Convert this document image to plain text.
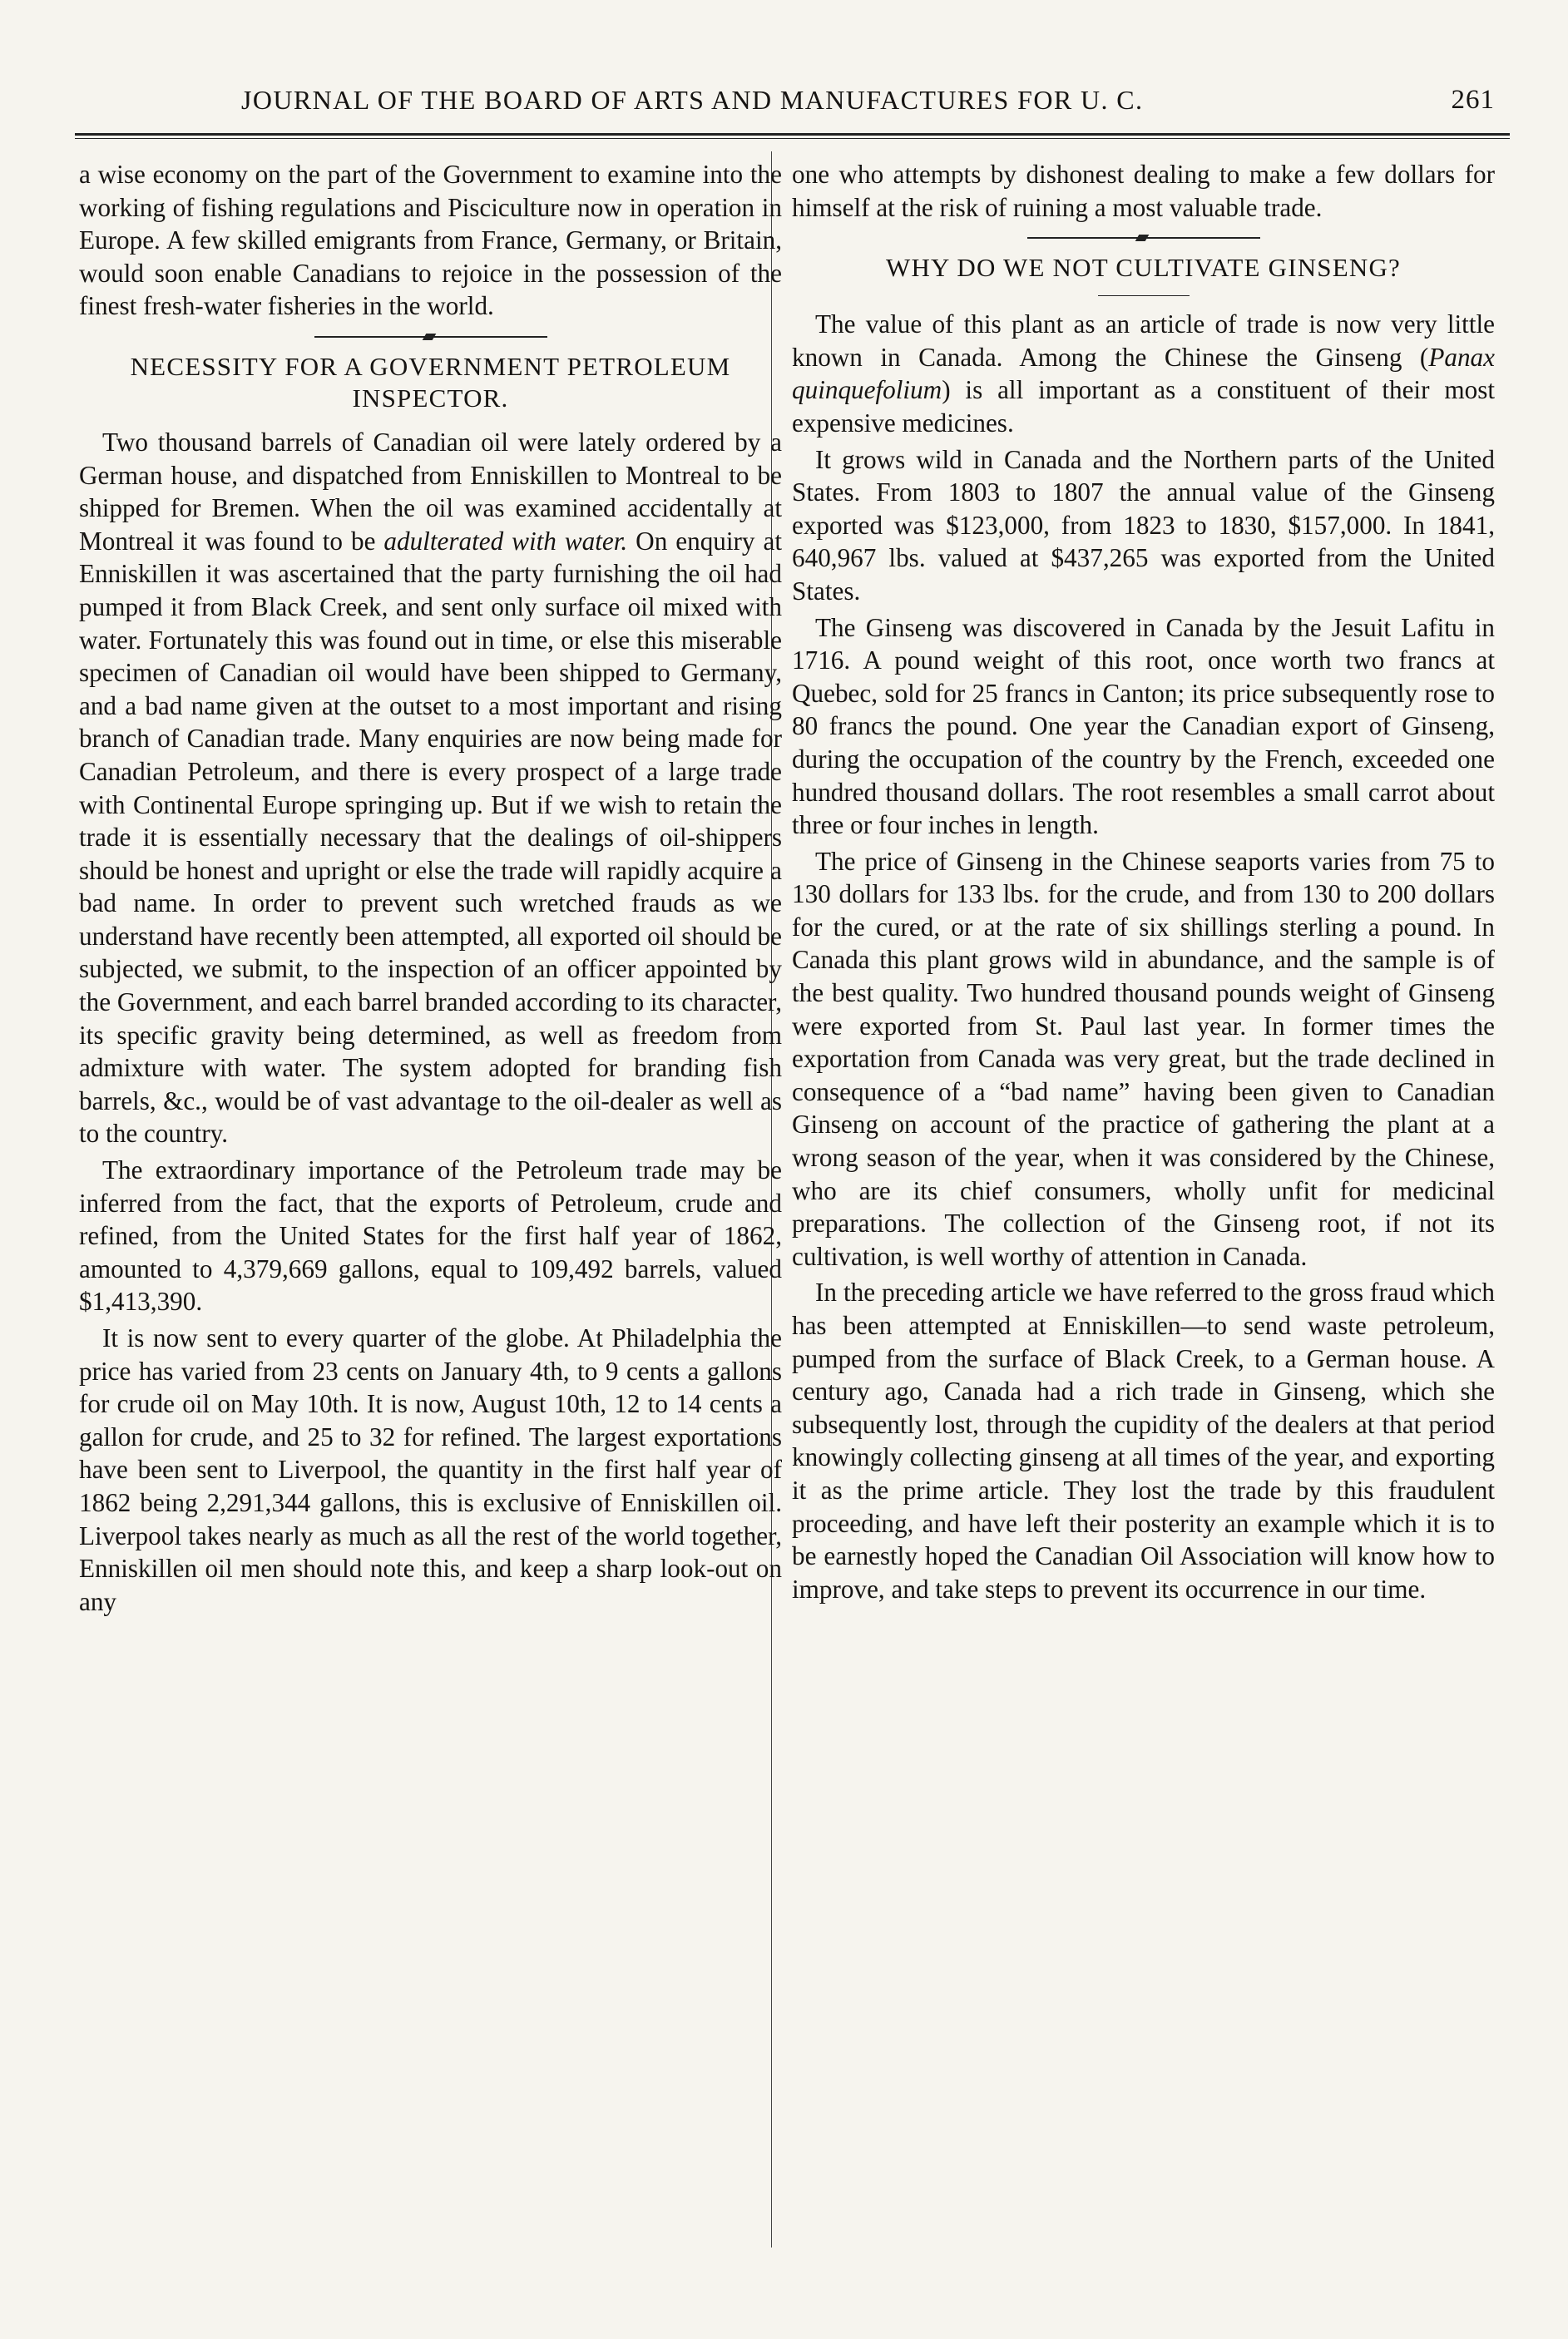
JOURNAL OF THE BOARD OF ARTS AND MANUFACTURES FOR U. C.	261

a wise economy on the part of the Government to examine into the working of fishing regulations and Pisciculture now in operation in Europe. A few skilled emigrants from France, Germany, or Britain, would soon enable Canadians to rejoice in the possession of the finest fresh-water fisheries in the world.

NECESSITY FOR A GOVERNMENT PETROLEUM INSPECTOR.

Two thousand barrels of Canadian oil were lately ordered by a German house, and dispatched from Enniskillen to Montreal to be shipped for Bremen. When the oil was examined accidentally at Montreal it was found to be adulterated with water. On enquiry at Enniskillen it was ascertained that the party furnishing the oil had pumped it from Black Creek, and sent only surface oil mixed with water. Fortunately this was found out in time, or else this miserable specimen of Canadian oil would have been shipped to Germany, and a bad name given at the outset to a most important and rising branch of Canadian trade. Many enquiries are now being made for Canadian Petroleum, and there is every prospect of a large trade with Continental Europe springing up. But if we wish to retain the trade it is essentially necessary that the dealings of oil-shippers should be honest and upright or else the trade will rapidly acquire a bad name. In order to prevent such wretched frauds as we understand have recently been attempted, all exported oil should be subjected, we submit, to the inspection of an officer appointed by the Government, and each barrel branded according to its character, its specific gravity being determined, as well as freedom from admixture with water. The system adopted for branding fish barrels, &c., would be of vast advantage to the oil-dealer as well as to the country.

The extraordinary importance of the Petroleum trade may be inferred from the fact, that the exports of Petroleum, crude and refined, from the United States for the first half year of 1862, amounted to 4,379,669 gallons, equal to 109,492 barrels, valued $1,413,390.

It is now sent to every quarter of the globe. At Philadelphia the price has varied from 23 cents on January 4th, to 9 cents a gallons for crude oil on May 10th. It is now, August 10th, 12 to 14 cents a gallon for crude, and 25 to 32 for refined. The largest exportations have been sent to Liverpool, the quantity in the first half year of 1862 being 2,291,344 gallons, this is exclusive of Enniskillen oil. Liverpool takes nearly as much as all the rest of the world together, Enniskillen oil men should note this, and keep a sharp look-out on any

one who attempts by dishonest dealing to make a few dollars for himself at the risk of ruining a most valuable trade.

WHY DO WE NOT CULTIVATE GINSENG?

The value of this plant as an article of trade is now very little known in Canada. Among the Chinese the Ginseng (Panax quinquefolium) is all important as a constituent of their most expensive medicines.

It grows wild in Canada and the Northern parts of the United States. From 1803 to 1807 the annual value of the Ginseng exported was $123,000, from 1823 to 1830, $157,000. In 1841, 640,967 lbs. valued at $437,265 was exported from the United States.

The Ginseng was discovered in Canada by the Jesuit Lafitu in 1716. A pound weight of this root, once worth two francs at Quebec, sold for 25 francs in Canton; its price subsequently rose to 80 francs the pound. One year the Canadian export of Ginseng, during the occupation of the country by the French, exceeded one hundred thousand dollars. The root resembles a small carrot about three or four inches in length.

The price of Ginseng in the Chinese seaports varies from 75 to 130 dollars for 133 lbs. for the crude, and from 130 to 200 dollars for the cured, or at the rate of six shillings sterling a pound. In Canada this plant grows wild in abundance, and the sample is of the best quality. Two hundred thousand pounds weight of Ginseng were exported from St. Paul last year. In former times the exportation from Canada was very great, but the trade declined in consequence of a “bad name” having been given to Canadian Ginseng on account of the practice of gathering the plant at a wrong season of the year, when it was considered by the Chinese, who are its chief consumers, wholly unfit for medicinal preparations. The collection of the Ginseng root, if not its cultivation, is well worthy of attention in Canada.

In the preceding article we have referred to the gross fraud which has been attempted at Enniskillen—to send waste petroleum, pumped from the surface of Black Creek, to a German house. A century ago, Canada had a rich trade in Ginseng, which she subsequently lost, through the cupidity of the dealers at that period knowingly collecting ginseng at all times of the year, and exporting it as the prime article. They lost the trade by this fraudulent proceeding, and have left their posterity an example which it is to be earnestly hoped the Canadian Oil Association will know how to improve, and take steps to prevent its occurrence in our time.
